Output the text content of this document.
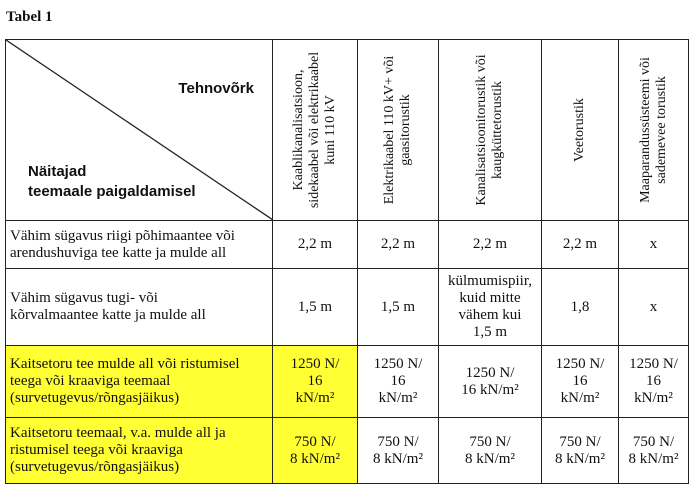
Tabel 1
Tehnovõrk
Näitajad
teemaale paigaldamisel	Kaablikanalisatsioon, sidekaabel või elektrikaabel kuni 110 kV	Elektrikaabel 110 kV+ või gaasitorustik	Kanalisatsioonitorustik või kaugküttetorustik	Veetorustik	Maaparandussüsteemi või sademevee torustik

Vähim sügavus riigi põhimaantee või
arendushuviga tee katte ja mulde all	2,2 m	2,2 m	2,2 m	2,2 m	x

Vähim sügavus tugi- või
kõrvalmaantee katte ja mulde all	1,5 m	1,5 m	külmumispiir,
kuid mitte
vähem kui
1,5 m	1,8	x

Kaitsetoru tee mulde all või ristumisel
teega või kraaviga teemaal
(survetugevus/rõngasjäikus)	1250 N/
16
kN/m²	1250 N/
16
kN/m²	1250 N/
16 kN/m²	1250 N/
16
kN/m²	1250 N/
16
kN/m²

Kaitsetoru teemaal, v.a. mulde all ja
ristumisel teega või kraaviga
(survetugevus/rõngasjäikus)	750 N/
8 kN/m²	750 N/
8 kN/m²	750 N/
8 kN/m²	750 N/
8 kN/m²	750 N/
8 kN/m²
